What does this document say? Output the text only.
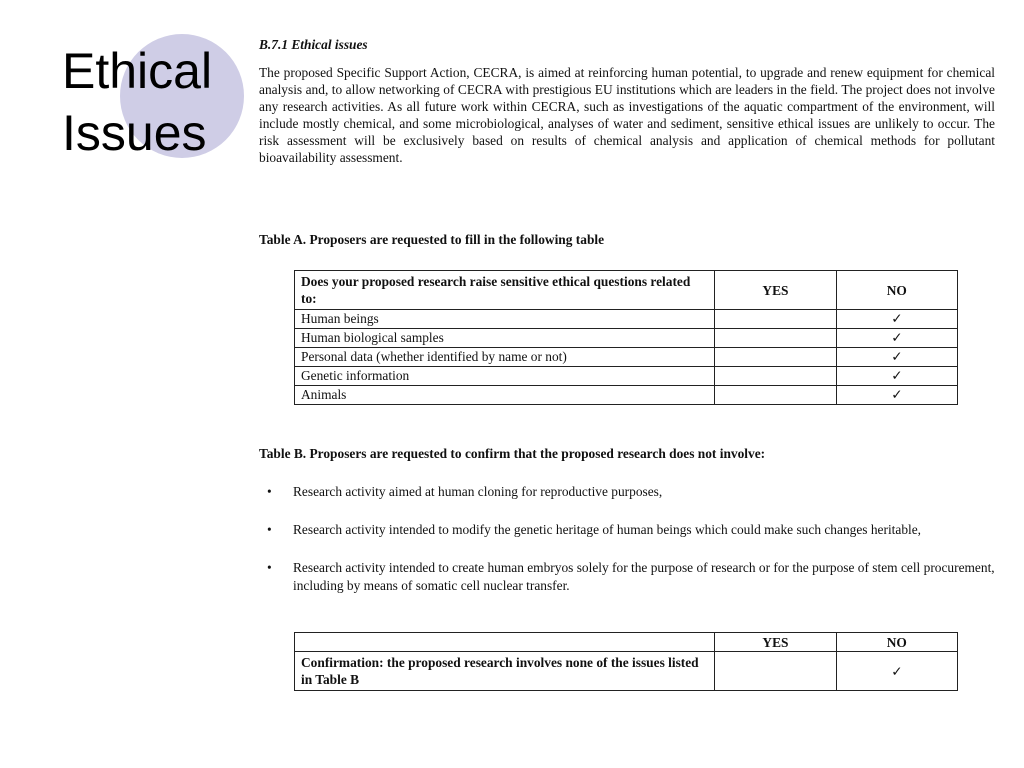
Ethical
Issues

B.7.1 Ethical issues

The proposed Specific Support Action, CECRA, is aimed at reinforcing human potential, to upgrade and renew equipment for chemical analysis and, to allow networking of CECRA with prestigious EU institutions which are leaders in the field. The project does not involve any research activities. As all future work within CECRA, such as investigations of the aquatic compartment of the environment, will include mostly chemical, and some microbiological, analyses of water and sediment, sensitive ethical issues are unlikely to occur. The risk assessment will be exclusively based on results of chemical analysis and application of chemical methods for pollutant bioavailability assessment.

Table A. Proposers are requested to fill in the following table

Does your proposed research raise sensitive ethical questions related to:	YES	NO
Human beings		✓
Human biological samples		✓
Personal data (whether identified by name or not)		✓
Genetic information		✓
Animals		✓

Table B. Proposers are requested to confirm that the proposed research does not involve:

• Research activity aimed at human cloning for reproductive purposes,
• Research activity intended to modify the genetic heritage of human beings which could make such changes heritable,
• Research activity intended to create human embryos solely for the purpose of research or for the purpose of stem cell procurement, including by means of somatic cell nuclear transfer.
	YES	NO
Confirmation: the proposed research involves none of the issues listed in Table B		✓
